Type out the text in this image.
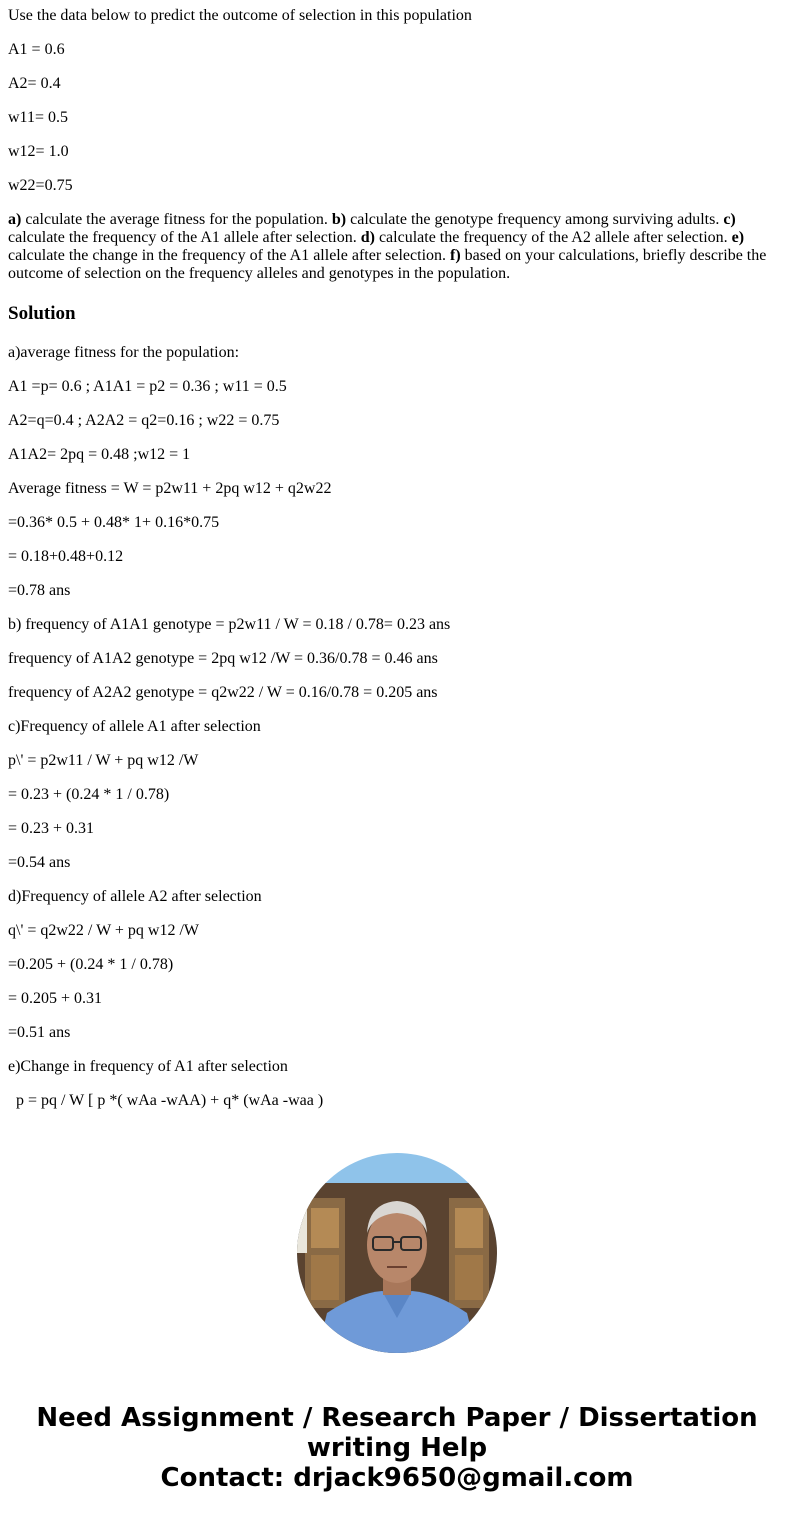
Use the data below to predict the outcome of selection in this population

A1 = 0.6

A2= 0.4

w11= 0.5

w12= 1.0

w22=0.75

a) calculate the average fitness for the population. b) calculate the genotype frequency among surviving adults. c) calculate the frequency of the A1 allele after selection. d) calculate the frequency of the A2 allele after selection. e) calculate the change in the frequency of the A1 allele after selection. f) based on your calculations, briefly describe the outcome of selection on the frequency alleles and genotypes in the population.

Solution

a)average fitness for the population:

A1 =p= 0.6 ; A1A1 = p2 = 0.36 ; w11 = 0.5

A2=q=0.4 ; A2A2 = q2=0.16 ; w22 = 0.75

A1A2= 2pq = 0.48 ;w12 = 1

Average fitness = W = p2w11 + 2pq w12 + q2w22

=0.36* 0.5 + 0.48* 1+ 0.16*0.75

= 0.18+0.48+0.12

=0.78 ans

b) frequency of A1A1 genotype = p2w11 / W = 0.18 / 0.78= 0.23 ans

frequency of A1A2 genotype = 2pq w12 /W = 0.36/0.78 = 0.46 ans

frequency of A2A2 genotype = q2w22 / W = 0.16/0.78 = 0.205 ans

c)Frequency of allele A1 after selection

p\' = p2w11 / W + pq w12 /W

= 0.23 + (0.24 * 1 / 0.78)

= 0.23 + 0.31

=0.54 ans

d)Frequency of allele A2 after selection

q\' = q2w22 / W + pq w12 /W

=0.205 + (0.24 * 1 / 0.78)

= 0.205 + 0.31

=0.51 ans

e)Change in frequency of A1 after selection

p = pq / W [ p *( wAa -wAA) + q* (wAa -waa )

Need Assignment / Research Paper / Dissertation
writing Help
Contact: drjack9650@gmail.com
